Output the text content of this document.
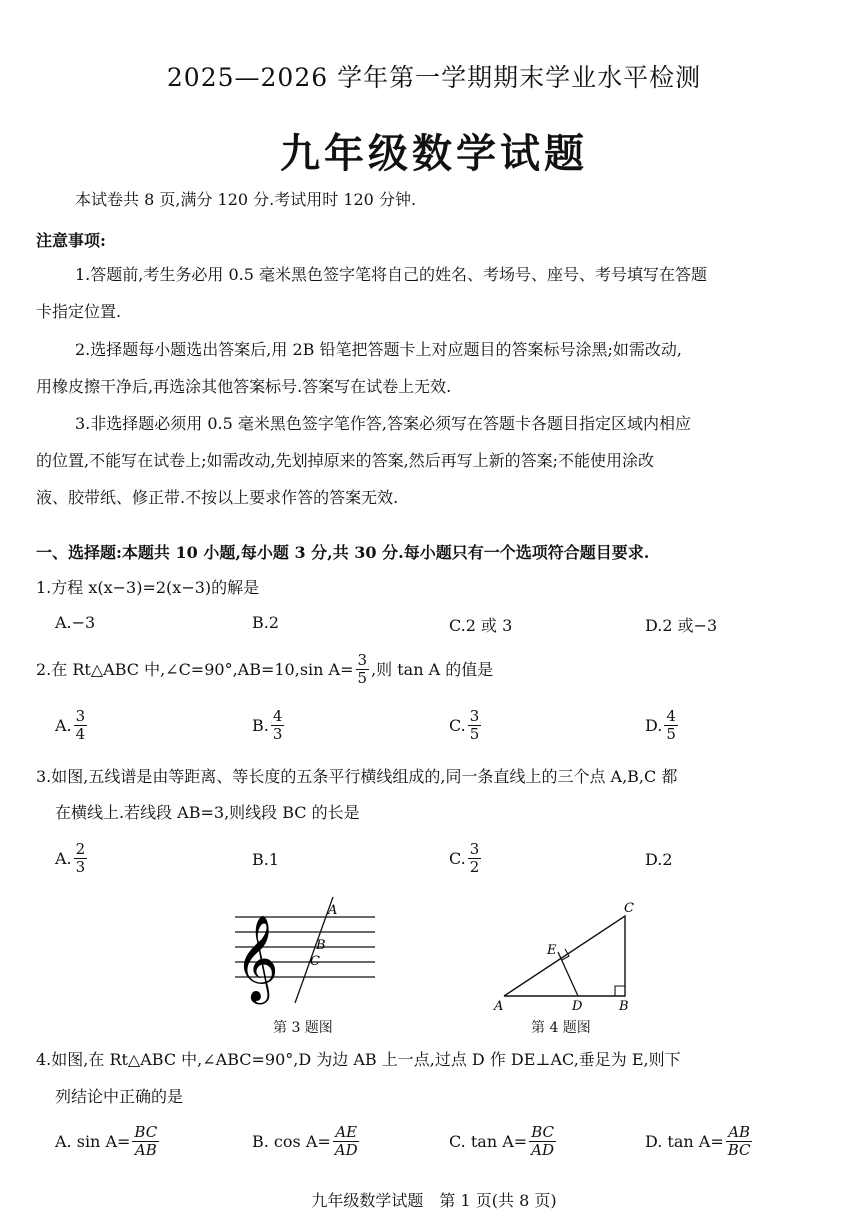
2025—2026 学年第一学期期末学业水平检测
九年级数学试题
本试卷共 8 页,满分 120 分.考试用时 120 分钟.
注意事项:
1.答题前,考生务必用 0.5 毫米黑色签字笔将自己的姓名、考场号、座号、考号填写在答题
卡指定位置.
2.选择题每小题选出答案后,用 2B 铅笔把答题卡上对应题目的答案标号涂黑;如需改动,
用橡皮擦干净后,再选涂其他答案标号.答案写在试卷上无效.
3.非选择题必须用 0.5 毫米黑色签字笔作答,答案必须写在答题卡各题目指定区域内相应
的位置,不能写在试卷上;如需改动,先划掉原来的答案,然后再写上新的答案;不能使用涂改
液、胶带纸、修正带.不按以上要求作答的答案无效.
一、选择题:本题共 10 小题,每小题 3 分,共 30 分.每小题只有一个选项符合题目要求.
1.方程 x(x−3)=2(x−3)的解是
A.−3	B.2	C.2 或 3	D.2 或−3
2.在 Rt△ABC 中,∠C=90°,AB=10,sin $A= \frac{3}{5}$ ,则 tan A 的值是
A. $\frac{3}{4}$	B. $\frac{4}{3}$	C. $\frac{3}{5}$	D. $\frac{4}{5}$
3.如图,五线谱是由等距离、等长度的五条平行横线组成的,同一条直线上的三个点 A,B,C 都
在横线上.若线段 AB=3,则线段 BC 的长是
A. $\frac{2}{3}$	B.1	C. $\frac{3}{2}$	D.2
𝄞
A
B
C
第 3 题图
A	B
C
D
E
第 4 题图
4.如图,在 Rt△ABC 中,∠ABC=90°,D 为边 AB 上一点,过点 D 作 DE⊥AC,垂足为 E,则下
列结论中正确的是
A. $\sin A= \frac{BC}{AB}$	B. $\cos A= \frac{AE}{AD}$	C. $\tan A= \frac{BC}{AD}$	D. $\tan A= \frac{AB}{BC}$
九年级数学试题　第 1 页(共 8 页)
